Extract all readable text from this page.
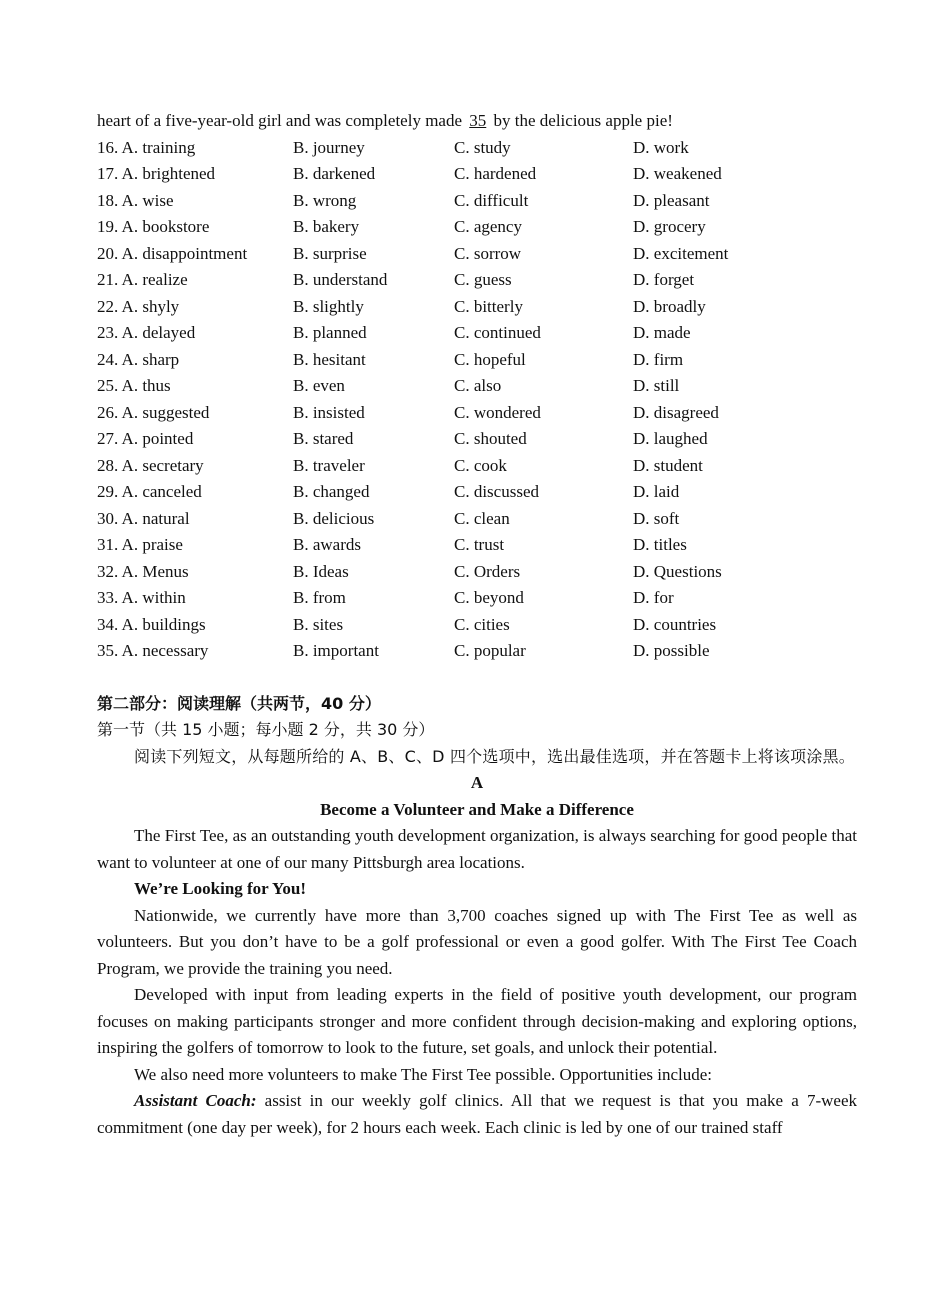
heart of a five-year-old girl and was completely made 35 by the delicious apple pie!
16. A. training	B. journey	C. study	D. work
17. A. brightened	B. darkened	C. hardened	D. weakened
18. A. wise	B. wrong	C. difficult	D. pleasant
19. A. bookstore	B. bakery	C. agency	D. grocery
20. A. disappointment	B. surprise	C. sorrow	D. excitement
21. A. realize	B. understand	C. guess	D. forget
22. A. shyly	B. slightly	C. bitterly	D. broadly
23. A. delayed	B. planned	C. continued	D. made
24. A. sharp	B. hesitant	C. hopeful	D. firm
25. A. thus	B. even	C. also	D. still
26. A. suggested	B. insisted	C. wondered	D. disagreed
27. A. pointed	B. stared	C. shouted	D. laughed
28. A. secretary	B. traveler	C. cook	D. student
29. A. canceled	B. changed	C. discussed	D. laid
30. A. natural	B. delicious	C. clean	D. soft
31. A. praise	B. awards	C. trust	D. titles
32. A. Menus	B. Ideas	C. Orders	D. Questions
33. A. within	B. from	C. beyond	D. for
34. A. buildings	B. sites	C. cities	D. countries
35. A. necessary	B. important	C. popular	D. possible
第二部分：阅读理解（共两节，40 分）
第一节（共 15 小题；每小题 2 分，共 30 分）

阅读下列短文，从每题所给的 A、B、C、D 四个选项中，选出最佳选项，并在答题卡上将该项涂黑。

A
Become a Volunteer and Make a Difference

The First Tee, as an outstanding youth development organization, is always searching for good people that want to volunteer at one of our many Pittsburgh area locations.

We’re Looking for You!

Nationwide, we currently have more than 3,700 coaches signed up with The First Tee as well as volunteers. But you don’t have to be a golf professional or even a good golfer. With The First Tee Coach Program, we provide the training you need.

Developed with input from leading experts in the field of positive youth development, our program focuses on making participants stronger and more confident through decision-making and exploring options, inspiring the golfers of tomorrow to look to the future, set goals, and unlock their potential.

We also need more volunteers to make The First Tee possible. Opportunities include:

Assistant Coach: assist in our weekly golf clinics. All that we request is that you make a 7-week commitment (one day per week), for 2 hours each week. Each clinic is led by one of our trained staff
